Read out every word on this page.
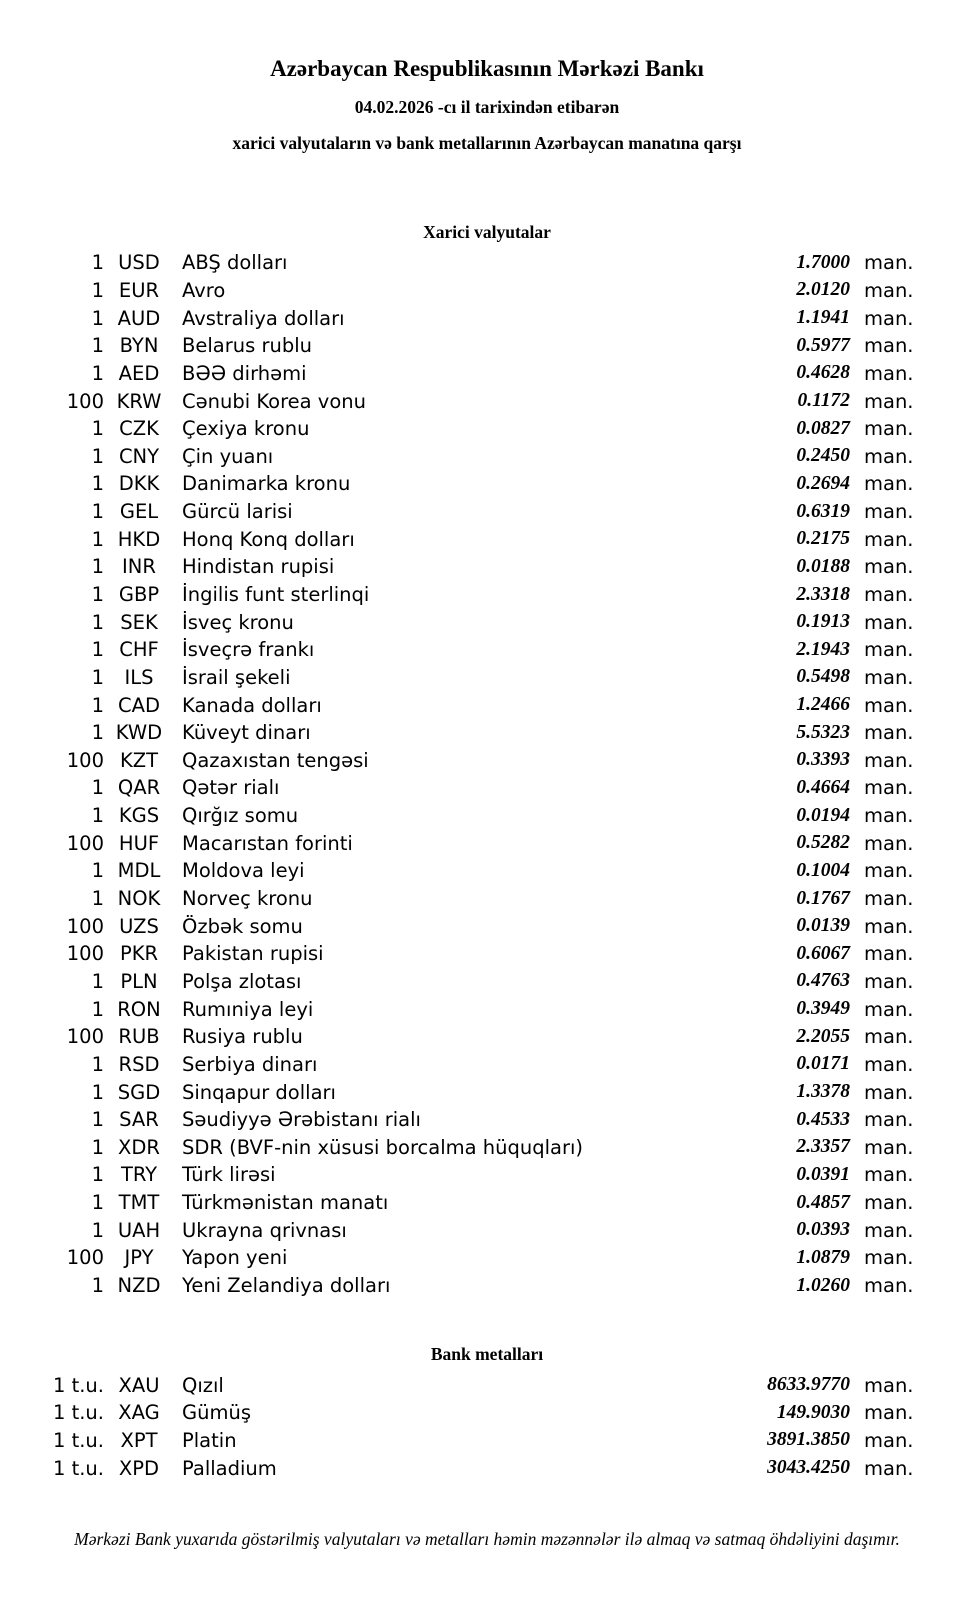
Azərbaycan Respublikasının Mərkəzi Bankı
04.02.2026 -cı il tarixindən etibarən
xarici valyutaların və bank metallarının Azərbaycan manatına qarşı
Xarici valyutalar
1 USD	ABŞ dolları	1.7000 man.
1 EUR	Avro	2.0120 man.
1 AUD	Avstraliya dolları	1.1941 man.
1 BYN	Belarus rublu	0.5977 man.
1 AED	BƏƏ dirhəmi	0.4628 man.
100 KRW	Cənubi Korea vonu	0.1172 man.
1 CZK	Çexiya kronu	0.0827 man.
1 CNY	Çin yuanı	0.2450 man.
1 DKK	Danimarka kronu	0.2694 man.
1 GEL	Gürcü larisi	0.6319 man.
1 HKD	Honq Konq dolları	0.2175 man.
1 INR	Hindistan rupisi	0.0188 man.
1 GBP	İngilis funt sterlinqi	2.3318 man.
1 SEK	İsveç kronu	0.1913 man.
1 CHF	İsveçrə frankı	2.1943 man.
1	ILS	İsrail şekeli	0.5498 man.
1 CAD	Kanada dolları	1.2466 man.
1 KWD	Küveyt dinarı	5.5323 man.
100 KZT	Qazaxıstan tengəsi	0.3393 man.
1 QAR	Qətər rialı	0.4664 man.
1 KGS	Qırğız somu	0.0194 man.
100 HUF	Macarıstan forinti	0.5282 man.
1 MDL	Moldova leyi	0.1004 man.
1 NOK	Norveç kronu	0.1767 man.
100 UZS	Özbək somu	0.0139 man.
100 PKR	Pakistan rupisi	0.6067 man.
1 PLN	Polşa zlotası	0.4763 man.
1 RON	Rumıniya leyi	0.3949 man.
100 RUB	Rusiya rublu	2.2055 man.
1 RSD	Serbiya dinarı	0.0171 man.
1 SGD	Sinqapur dolları	1.3378 man.
1 SAR	Səudiyyə Ərəbistanı rialı	0.4533 man.
1 XDR	SDR (BVF-nin xüsusi borcalma hüquqları)	2.3357 man.
1 TRY	Türk lirəsi	0.0391 man.
1 TMT	Türkmənistan manatı	0.4857 man.
1 UAH	Ukrayna qrivnası	0.0393 man.
100	JPY	Yapon yeni	1.0879 man.
1 NZD	Yeni Zelandiya dolları	1.0260 man.
Bank metalları
1 t.u. XAU	Qızıl	8633.9770 man.
1 t.u. XAG	Gümüş	149.9030 man.
1 t.u. XPT	Platin	3891.3850 man.
1 t.u. XPD	Palladium	3043.4250 man.
Mərkəzi Bank yuxarıda göstərilmiş valyutaları və metalları həmin məzənnələr ilə almaq və satmaq öhdəliyini daşımır.
